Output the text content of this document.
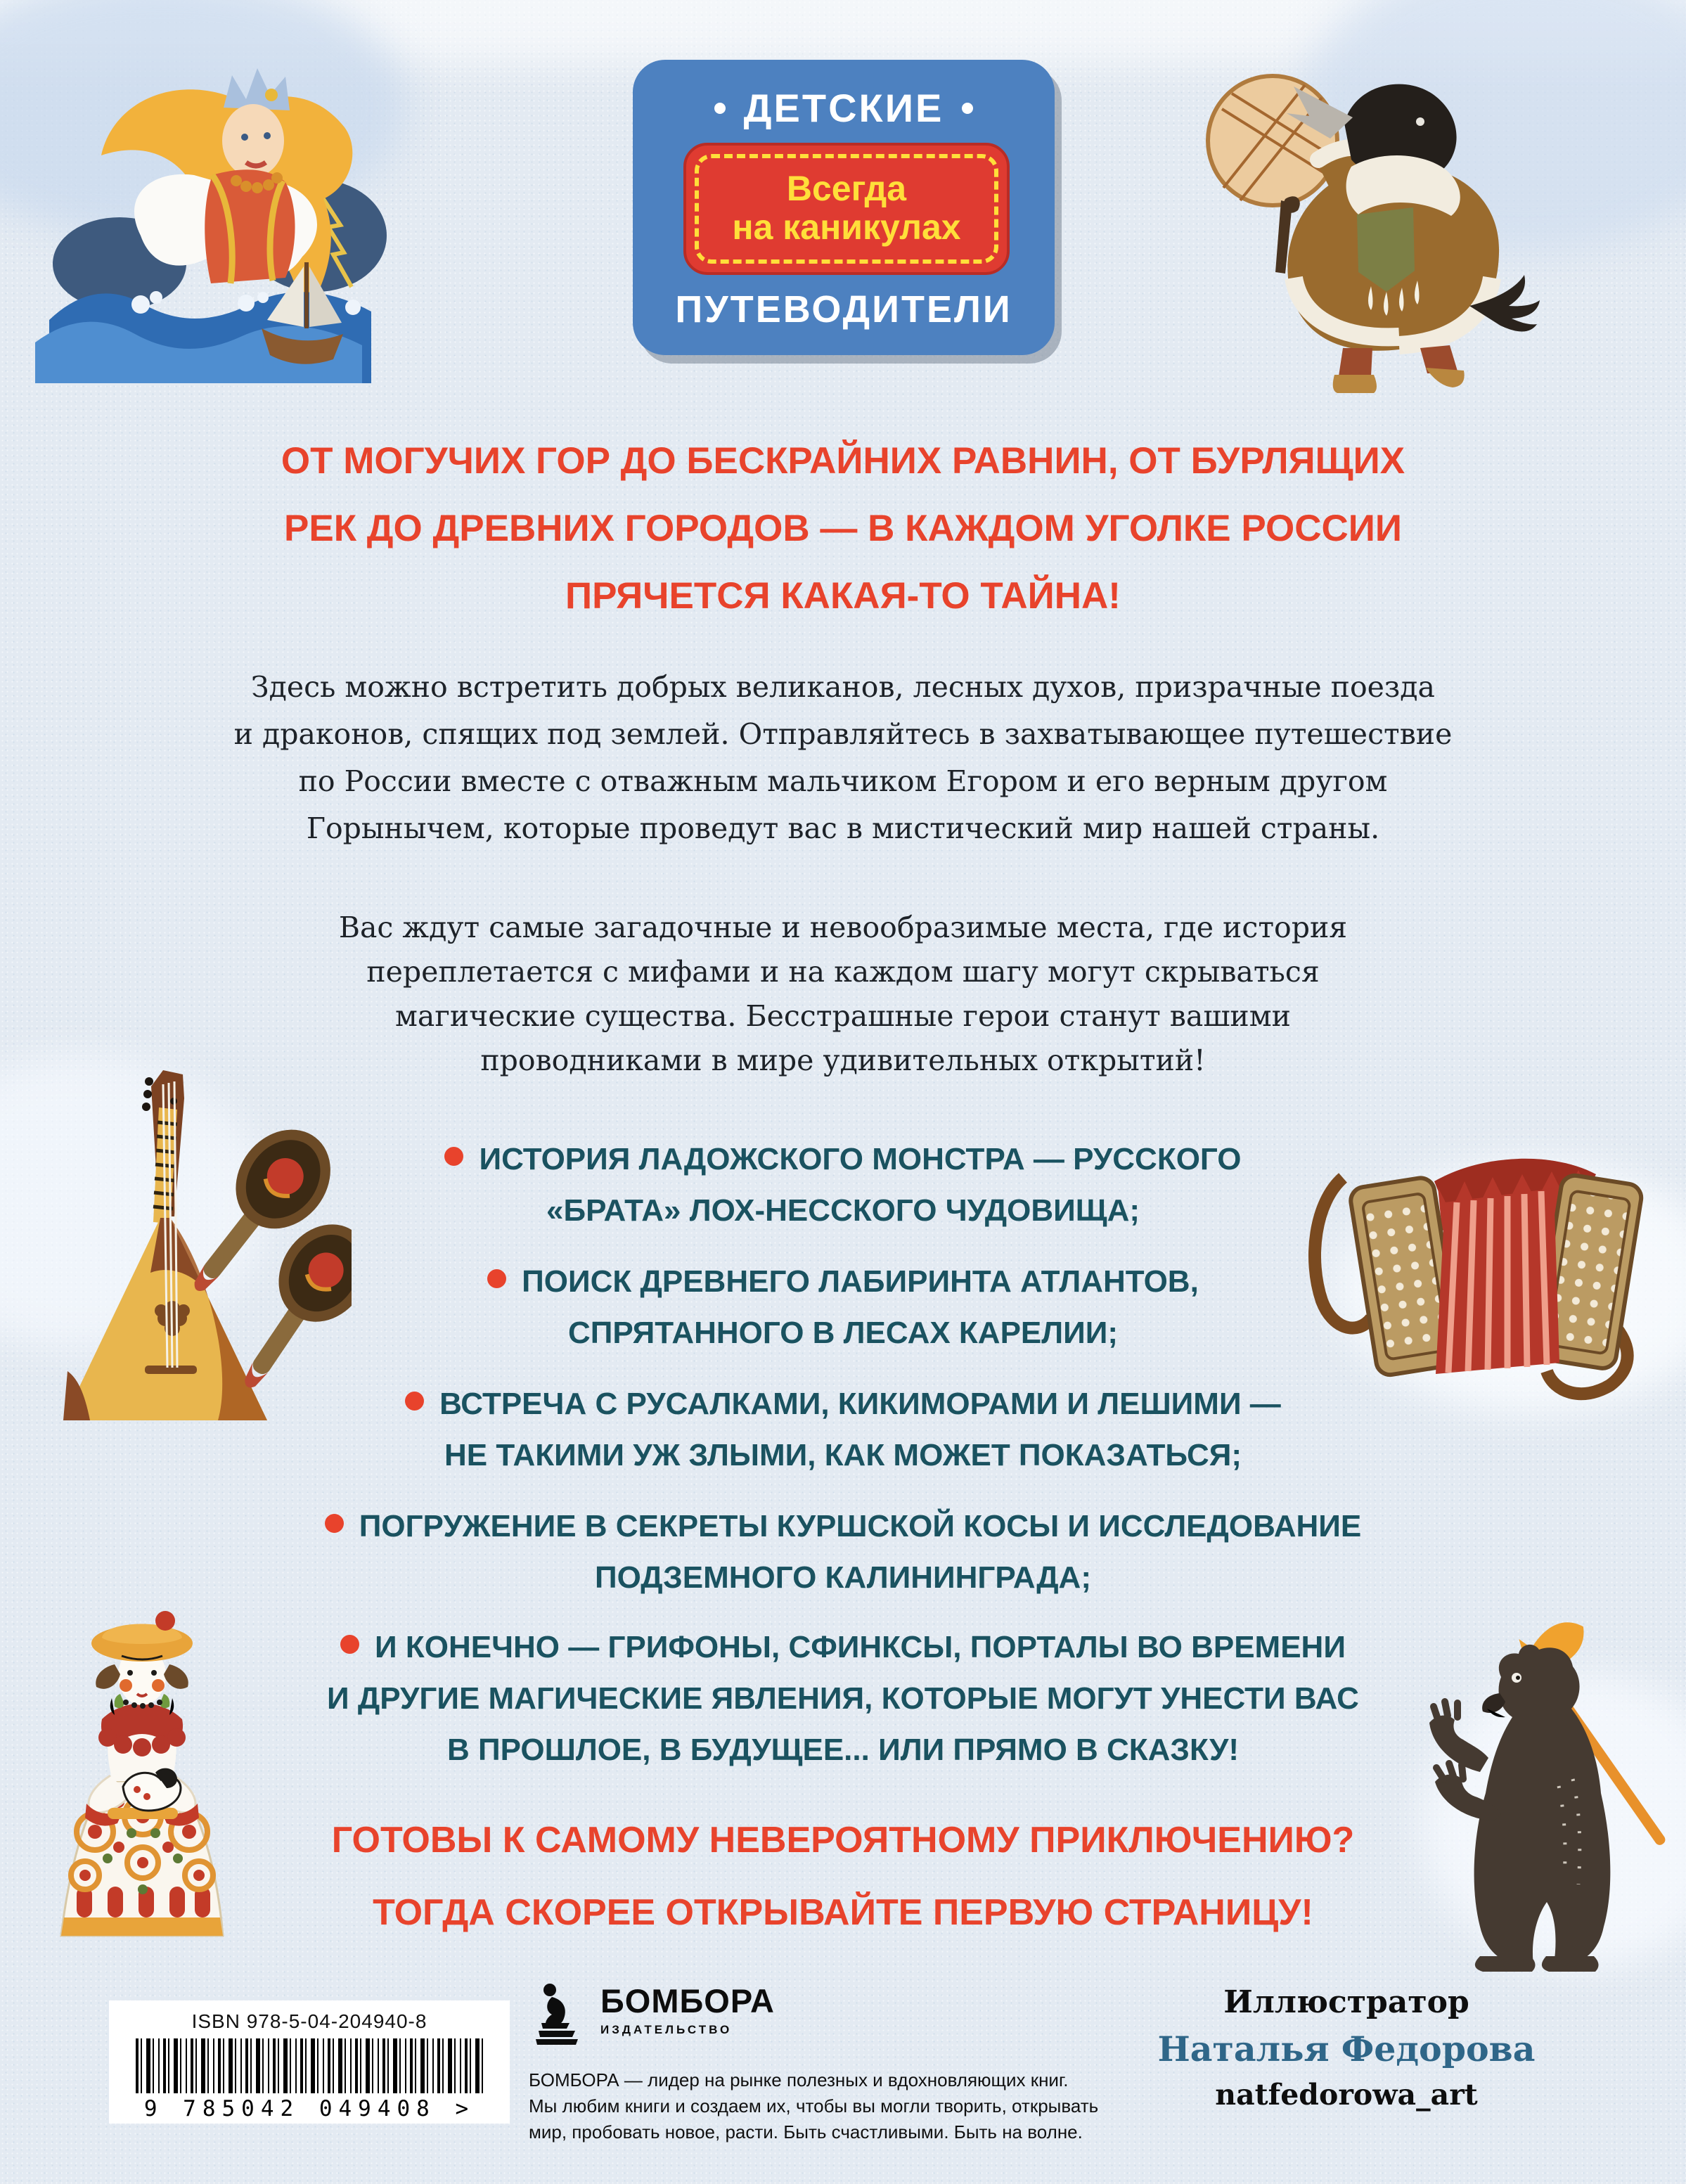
ДЕТСКИЕ
Всегда
на каникулах
ПУТЕВОДИТЕЛИ
ОТ МОГУЧИХ ГОР ДО БЕСКРАЙНИХ РАВНИН, ОТ БУРЛЯЩИХ
РЕК ДО ДРЕВНИХ ГОРОДОВ — В КАЖДОМ УГОЛКЕ РОССИИ
ПРЯЧЕТСЯ КАКАЯ-ТО ТАЙНА!
Здесь можно встретить добрых великанов, лесных духов, призрачные поезда
и драконов, спящих под землей. Отправляйтесь в захватывающее путешествие
по России вместе с отважным мальчиком Егором и его верным другом
Горынычем, которые проведут вас в мистический мир нашей страны.
Вас ждут самые загадочные и невообразимые места, где история
переплетается с мифами и на каждом шагу могут скрываться
магические существа. Бесстрашные герои станут вашими
проводниками в мире удивительных открытий!
ИСТОРИЯ ЛАДОЖСКОГО МОНСТРА — РУССКОГО
«БРАТА» ЛОХ-НЕССКОГО ЧУДОВИЩА;
ПОИСК ДРЕВНЕГО ЛАБИРИНТА АТЛАНТОВ,
СПРЯТАННОГО В ЛЕСАХ КАРЕЛИИ;
ВСТРЕЧА С РУСАЛКАМИ, КИКИМОРАМИ И ЛЕШИМИ —
НЕ ТАКИМИ УЖ ЗЛЫМИ, КАК МОЖЕТ ПОКАЗАТЬСЯ;
ПОГРУЖЕНИЕ В СЕКРЕТЫ КУРШСКОЙ КОСЫ И ИССЛЕДОВАНИЕ
ПОДЗЕМНОГО КАЛИНИНГРАДА;
И КОНЕЧНО — ГРИФОНЫ, СФИНКСЫ, ПОРТАЛЫ ВО ВРЕМЕНИ
И ДРУГИЕ МАГИЧЕСКИЕ ЯВЛЕНИЯ, КОТОРЫЕ МОГУТ УНЕСТИ ВАС
В ПРОШЛОЕ, В БУДУЩЕЕ... ИЛИ ПРЯМО В СКАЗКУ!
ГОТОВЫ К САМОМУ НЕВЕРОЯТНОМУ ПРИКЛЮЧЕНИЮ?
ТОГДА СКОРЕЕ ОТКРЫВАЙТЕ ПЕРВУЮ СТРАНИЦУ!
ISBN 978-5-04-204940-8
9 785042 049408 >
БОМБОРА
ИЗДАТЕЛЬСТВО
БОМБОРА — лидер на рынке полезных и вдохновляющих книг.
Мы любим книги и создаем их, чтобы вы могли творить, открывать
мир, пробовать новое, расти. Быть счастливыми. Быть на волне.
Иллюстратор
Наталья Федорова
natfedorowa_art
